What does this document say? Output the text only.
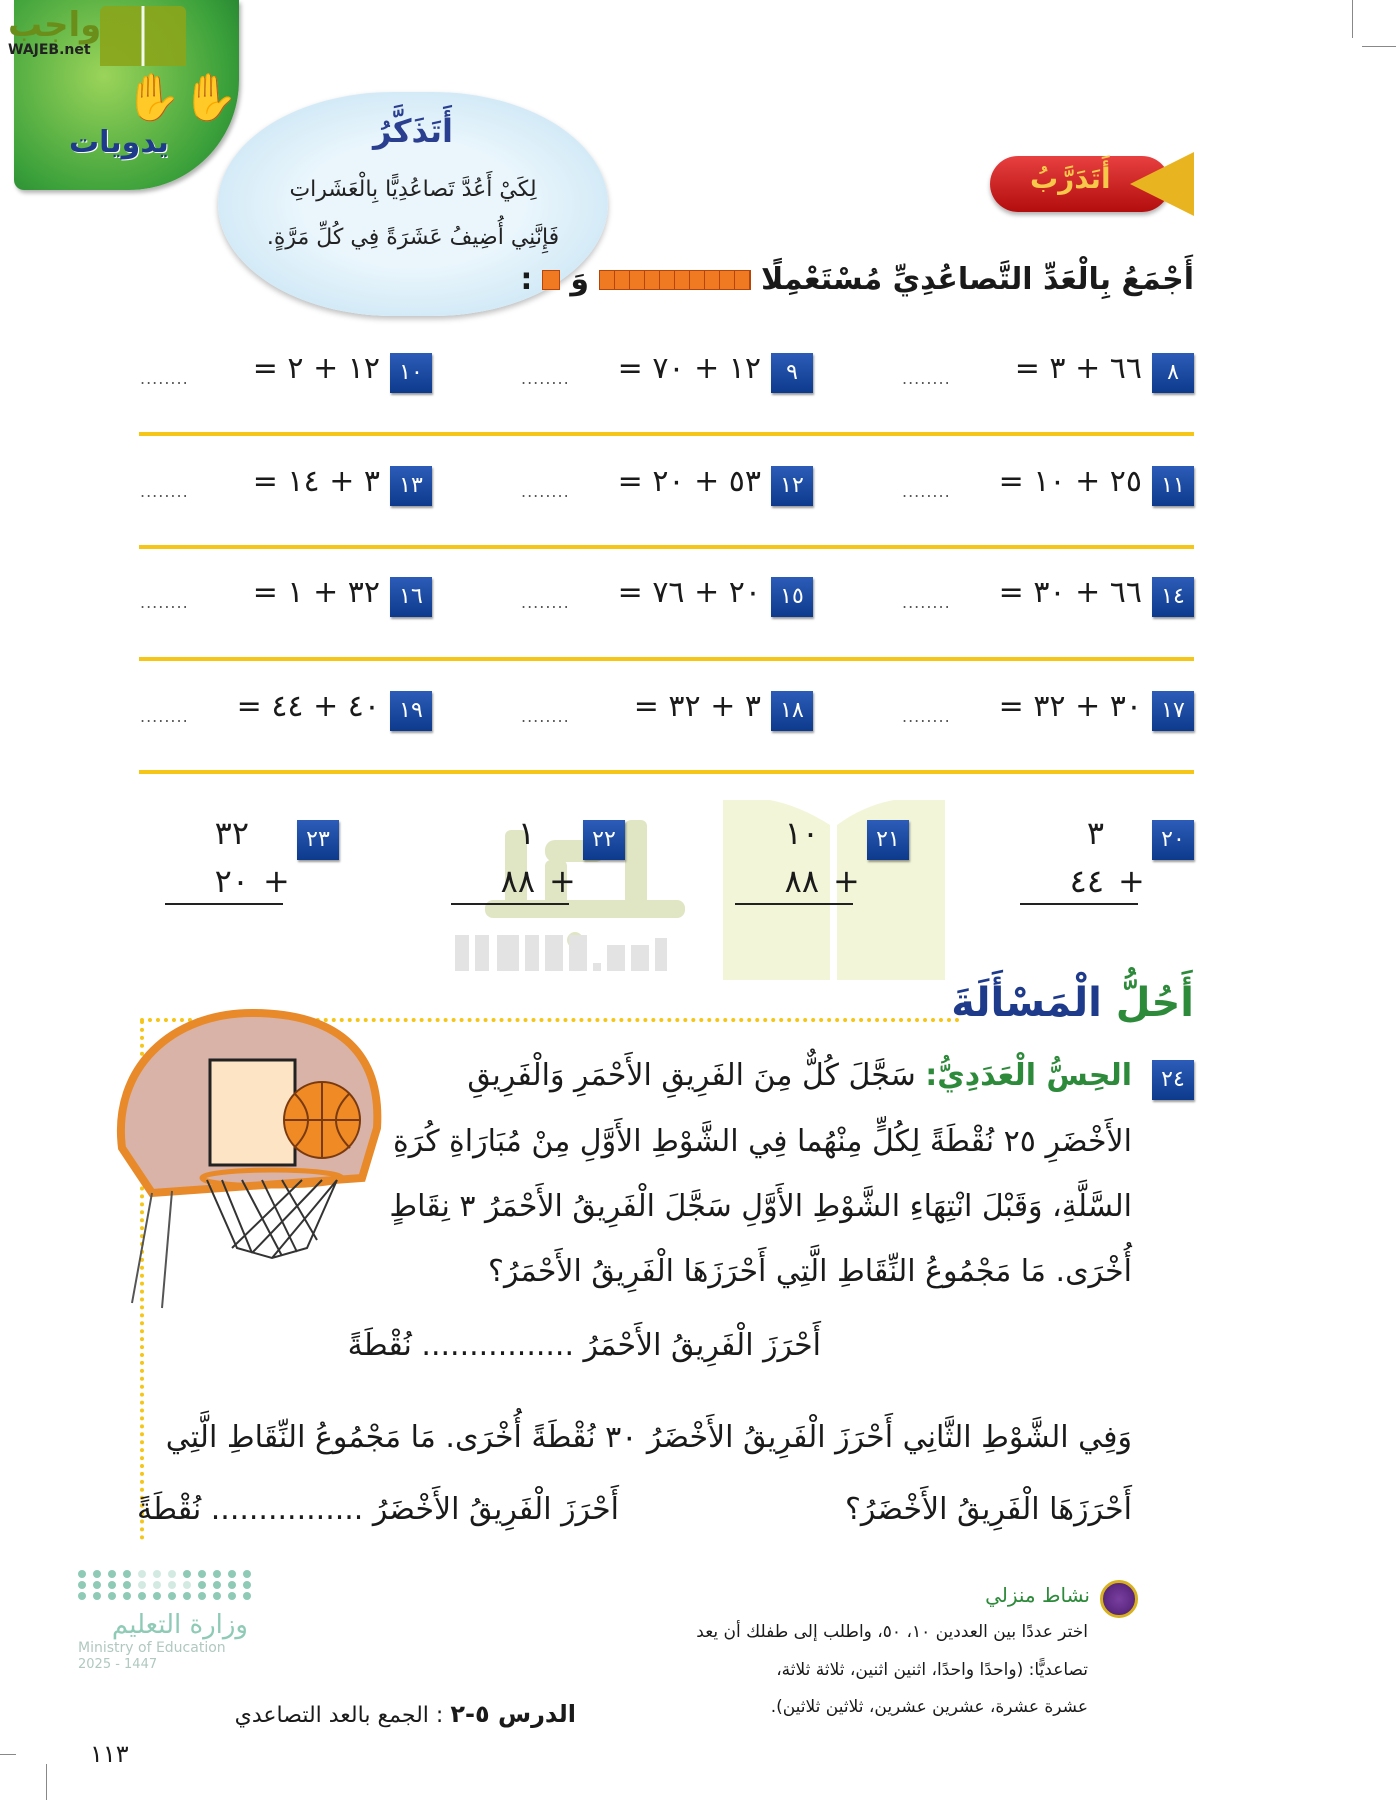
✋✋
يدويات
واجب
WAJEB.net
أَتَذَكَّرُ
لِكَيْ أَعُدَّ تَصاعُدِيًّا بِالْعَشَراتِ
فَإِنَّنِي أُضِيفُ عَشَرَةً فِي كُلِّ مَرَّةٍ.
أَتَدَرَّبُ
أَجْمَعُ بِالْعَدِّ التَّصاعُدِيِّ مُسْتَعْمِلًا
وَ
:
٨
٦٦ + ٣ =
........
٩
١٢ + ٧٠ =
........
١٠
١٢ + ٢ =
........
١١
٢٥ + ١٠ =
........
١٢
٥٣ + ٢٠ =
........
١٣
٣ + ١٤ =
........
١٤
٦٦ + ٣٠ =
........
١٥
٢٠ + ٧٦ =
........
١٦
٣٢ + ١ =
........
١٧
٣٠ + ٣٢ =
........
١٨
٣ + ٣٢ =
........
١٩
٤٠ + ٤٤ =
........
٢٠
٣
٤٤ +
٢١
١٠
٨٨ +
٢٢
١
٨٨ +
٢٣
٣٢
٢٠ +
أَحُلُّ الْمَسْأَلَةَ
٢٤
الحِسُّ الْعَدَدِيُّ: سَجَّلَ كُلٌّ مِنَ الفَرِيقِ الأَحْمَرِ وَالْفَرِيقِ
الأَخْضَرِ ٢٥ نُقْطَةً لِكُلٍّ مِنْهُما فِي الشَّوْطِ الأَوَّلِ مِنْ مُبَارَاةِ كُرَةِ
السَّلَّةِ، وَقَبْلَ انْتِهَاءِ الشَّوْطِ الأَوَّلِ سَجَّلَ الْفَرِيقُ الأَحْمَرُ ٣ نِقَاطٍ
أُخْرَى. مَا مَجْمُوعُ النِّقَاطِ الَّتِي أَحْرَزَهَا الْفَرِيقُ الأَحْمَرُ؟
أَحْرَزَ الْفَرِيقُ الأَحْمَرُ ................ نُقْطَةً
وَفِي الشَّوْطِ الثَّانِي أَحْرَزَ الْفَرِيقُ الأَخْضَرُ ٣٠ نُقْطَةً أُخْرَى. مَا مَجْمُوعُ النِّقَاطِ الَّتِي
أَحْرَزَهَا الْفَرِيقُ الأَخْضَرُ؟
أَحْرَزَ الْفَرِيقُ الأَخْضَرُ ................ نُقْطَةً
نشاط منزلي
اختر عددًا بين العددين ١٠، ٥٠، واطلب إلى طفلك أن يعد
تصاعديًّا: (واحدًا واحدًا، اثنين اثنين، ثلاثة ثلاثة،
عشرة عشرة، عشرين عشرين، ثلاثين ثلاثين).
وزارة التعليم
Ministry of Education
2025 - 1447
الدرس ٥-٢ : الجمع بالعد التصاعدي
١١٣
